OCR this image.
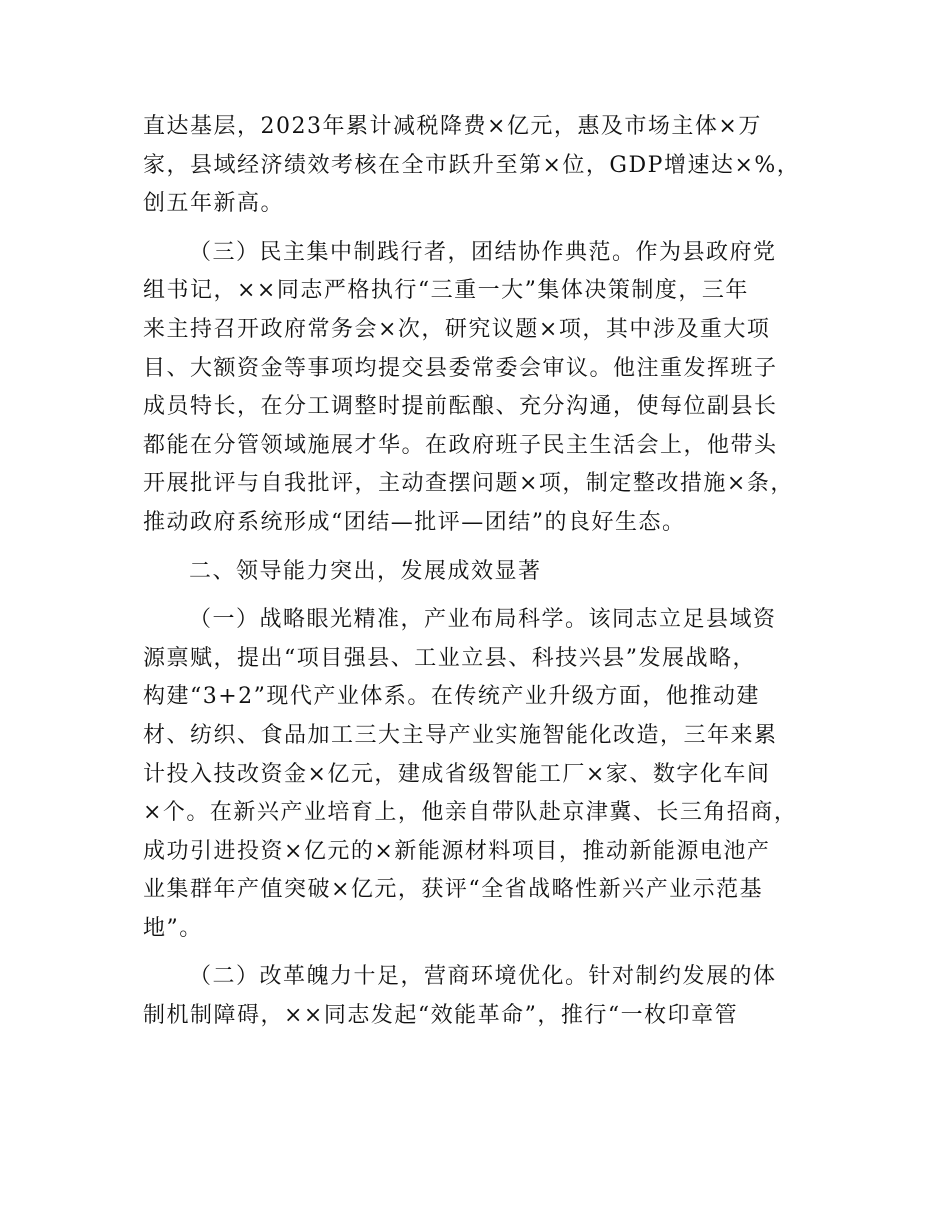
直达基层，2023年累计减税降费×亿元，惠及市场主体×万
家，县域经济绩效考核在全市跃升至第×位，GDP增速达×%，
创五年新高。
（三）民主集中制践行者，团结协作典范。作为县政府党
组书记，××同志严格执行“三重一大”集体决策制度，三年
来主持召开政府常务会×次，研究议题×项，其中涉及重大项
目、大额资金等事项均提交县委常委会审议。他注重发挥班子
成员特长，在分工调整时提前酝酿、充分沟通，使每位副县长
都能在分管领域施展才华。在政府班子民主生活会上，他带头
开展批评与自我批评，主动查摆问题×项，制定整改措施×条，
推动政府系统形成“团结—批评—团结”的良好生态。
二、领导能力突出，发展成效显著
（一）战略眼光精准，产业布局科学。该同志立足县域资
源禀赋，提出“项目强县、工业立县、科技兴县”发展战略，
构建“3+2”现代产业体系。在传统产业升级方面，他推动建
材、纺织、食品加工三大主导产业实施智能化改造，三年来累
计投入技改资金×亿元，建成省级智能工厂×家、数字化车间
×个。在新兴产业培育上，他亲自带队赴京津冀、长三角招商，
成功引进投资×亿元的×新能源材料项目，推动新能源电池产
业集群年产值突破×亿元，获评“全省战略性新兴产业示范基
地”。
（二）改革魄力十足，营商环境优化。针对制约发展的体
制机制障碍，××同志发起“效能革命”，推行“一枚印章管
